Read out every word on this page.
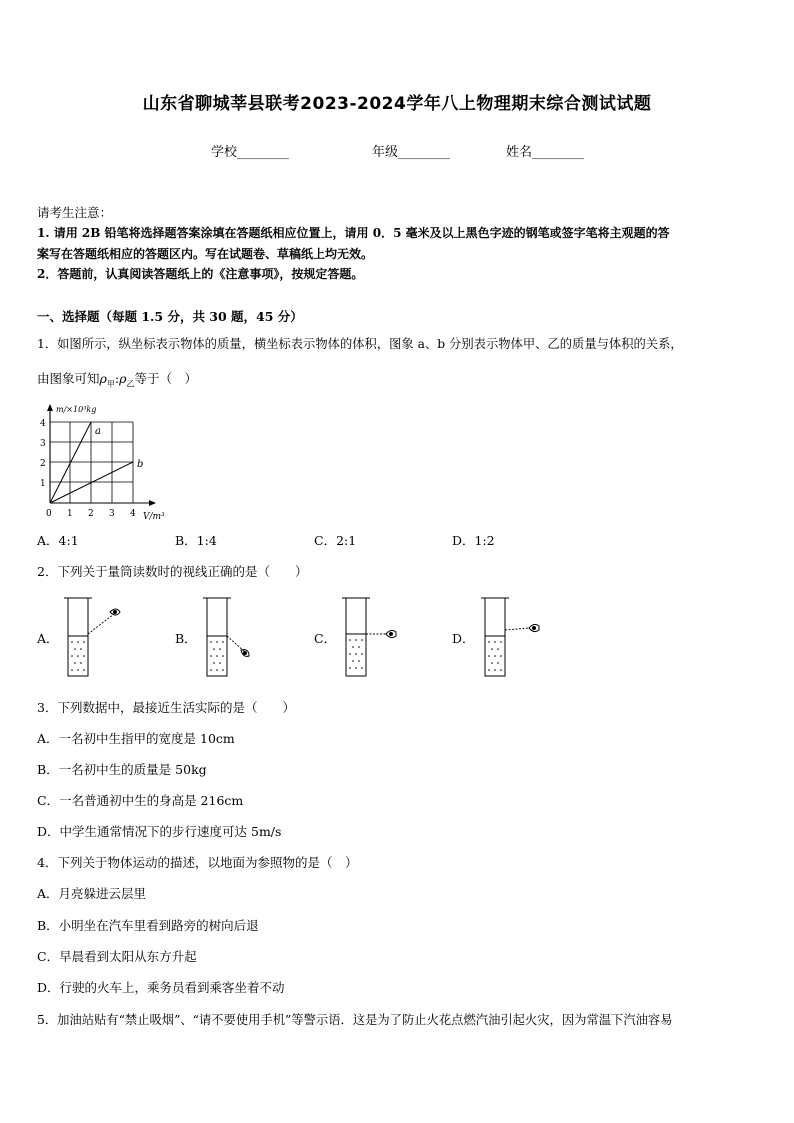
山东省聊城莘县联考2023-2024学年八上物理期末综合测试试题
学校________	年级________	姓名________
请考生注意：
1. 请用 2B 铅笔将选择题答案涂填在答题纸相应位置上，请用 0．5 毫米及以上黑色字迹的钢笔或签字笔将主观题的答
案写在答题纸相应的答题区内。写在试题卷、草稿纸上均无效。
2．答题前，认真阅读答题纸上的《注意事项》，按规定答题。
一、选择题（每题 1.5 分，共 30 题，45 分）
1．如图所示，纵坐标表示物体的质量，横坐标表示物体的体积，图象 a、b 分别表示物体甲、乙的质量与体积的关系，
由图象可知$\rho_甲:\rho_乙$等于（　）
m/×10³kg
V/m³
1
2
3
4
0 1 2 3 4
a
b
A．4:1	B．1:4	C．2:1	D．1:2
2．下列关于量筒读数时的视线正确的是（　　）
A．	B．	C．	D．
3．下列数据中，最接近生活实际的是（　　）
A．一名初中生指甲的宽度是 10cm
B．一名初中生的质量是 50kg
C．一名普通初中生的身高是 216cm
D．中学生通常情况下的步行速度可达 5m/s
4．下列关于物体运动的描述，以地面为参照物的是（　）
A．月亮躲进云层里
B．小明坐在汽车里看到路旁的树向后退
C．早晨看到太阳从东方升起
D．行驶的火车上，乘务员看到乘客坐着不动
5．加油站贴有“禁止吸烟”、“请不要使用手机”等警示语．这是为了防止火花点燃汽油引起火灾，因为常温下汽油容易
